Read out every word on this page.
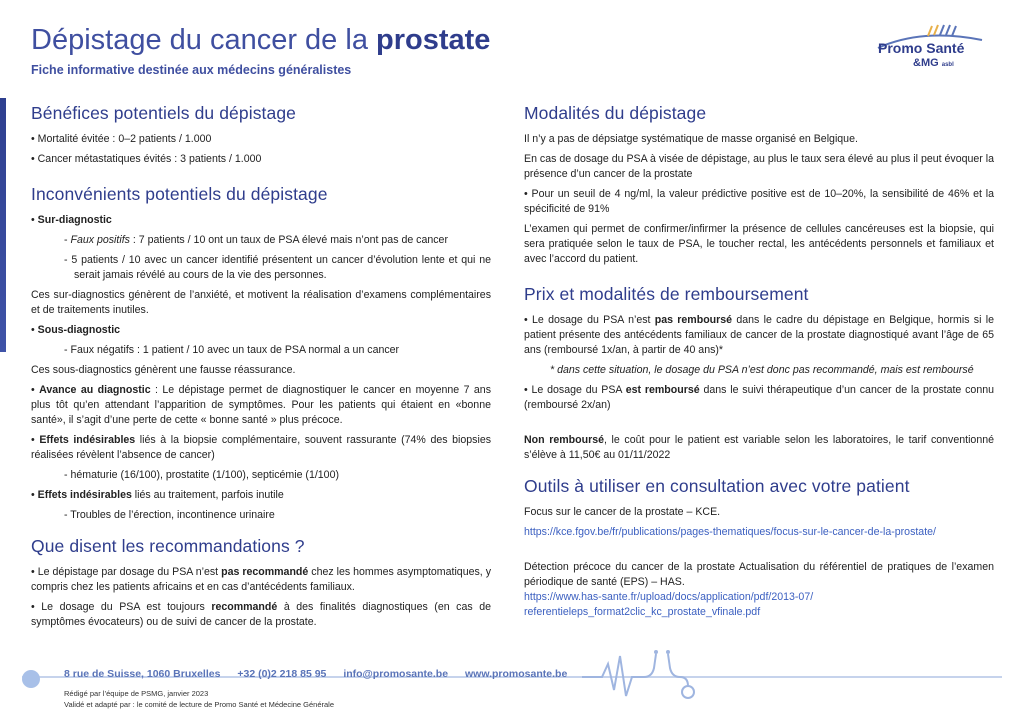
Dépistage du cancer de la prostate
Fiche informative destinée aux médecins généralistes
Promo Santé
&MG asbl
Bénéfices potentiels du dépistage

• Mortalité évitée : 0–2 patients / 1.000

• Cancer métastatiques évités : 3 patients / 1.000

Inconvénients potentiels du dépistage

• Sur-diagnostic

- Faux positifs : 7 patients / 10 ont un taux de PSA élevé mais n’ont pas de cancer

- 5 patients / 10 avec un cancer identifié présentent un cancer d’évolution lente et qui ne serait jamais révélé au cours de la vie des personnes.

Ces sur-diagnostics génèrent de l’anxiété, et motivent la réalisation d’examens complémentaires et de traitements inutiles.

• Sous-diagnostic

- Faux négatifs : 1 patient / 10 avec un taux de PSA normal a un cancer

Ces sous-diagnostics génèrent une fausse réassurance.

• Avance au diagnostic : Le dépistage permet de diagnostiquer le cancer en moyenne 7 ans plus tôt qu’en attendant l’apparition de symptômes. Pour les patients qui étaient en «bonne santé», il s’agit d’une perte de cette « bonne santé » plus précoce.

• Effets indésirables liés à la biopsie complémentaire, souvent rassurante (74% des biopsies réalisées révèlent l’absence de cancer)

- hématurie (16/100), prostatite (1/100), septicémie (1/100)

• Effets indésirables liés au traitement, parfois inutile

- Troubles de l’érection, incontinence urinaire

Que disent les recommandations ?

• Le dépistage par dosage du PSA n’est pas recommandé chez les hommes asymptomatiques, y compris chez les patients africains et en cas d’antécédents familiaux.

• Le dosage du PSA est toujours recommandé à des finalités diagnostiques (en cas de symptômes évocateurs) ou de suivi de cancer de la prostate.

Modalités du dépistage

Il n’y a pas de dépsiatge systématique de masse organisé en Belgique.

En cas de dosage du PSA à visée de dépistage, au plus le taux sera élevé au plus il peut évoquer la présence d’un cancer de la prostate

• Pour un seuil de 4 ng/ml, la valeur prédictive positive est de 10–20%, la sensibilité de 46% et la spécificité de 91%

L’examen qui permet de confirmer/infirmer la présence de cellules cancéreuses est la biopsie, qui sera pratiquée selon le taux de PSA, le toucher rectal, les antécédents personnels et familiaux et avec l’accord du patient.

Prix et modalités de remboursement

• Le dosage du PSA n’est pas remboursé dans le cadre du dépistage en Belgique, hormis si le patient présente des antécédents familiaux de cancer de la prostate diagnostiqué avant l’âge de 65 ans (remboursé 1x/an, à partir de 40 ans)*

* dans cette situation, le dosage du PSA n’est donc pas recommandé, mais est remboursé

• Le dosage du PSA est remboursé dans le suivi thérapeutique d’un cancer de la prostate connu (remboursé 2x/an)

Non remboursé, le coût pour le patient est variable selon les laboratoires, le tarif conventionné s’élève à 11,50€ au 01/11/2022

Outils à utiliser en consultation avec votre patient

Focus sur le cancer de la prostate – KCE.

https://kce.fgov.be/fr/publications/pages-thematiques/focus-sur-le-cancer-de-la-prostate/

Détection précoce du cancer de la prostate Actualisation du référentiel de pratiques de l’examen périodique de santé (EPS) – HAS.

https://www.has-sante.fr/upload/docs/application/pdf/2013-07/

referentieleps_format2clic_kc_prostate_vfinale.pdf

8 rue de Suisse, 1060 Bruxelles +32 (0)2 218 85 95 info@promosante.be www.promosante.be
Rédigé par l’équipe de PSMG, janvier 2023
Validé et adapté par : le comité de lecture de Promo Santé et Médecine Générale
